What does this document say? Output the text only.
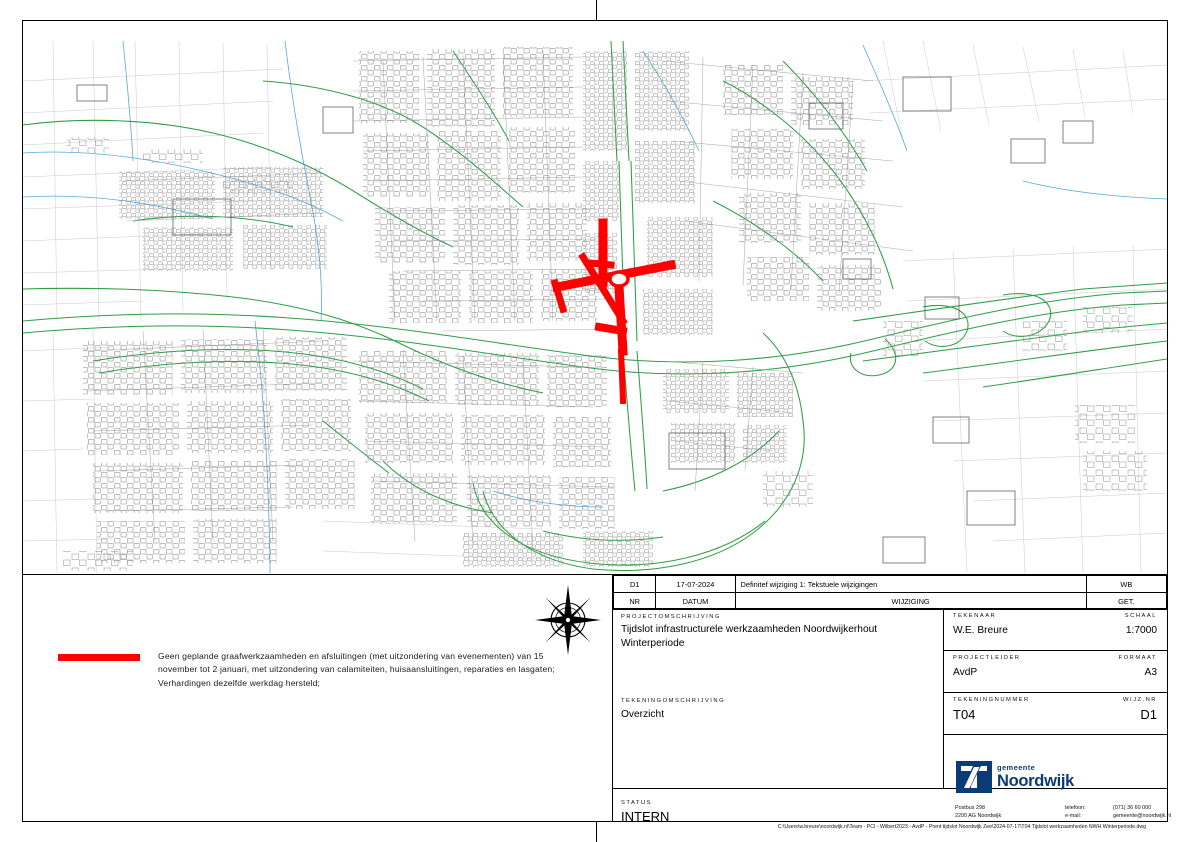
Geen geplande graafwerkzaamheden en afsluitingen (met uitzondering van evenementen) van 15 november tot 2 januari, met uitzondering van calamiteiten, huisaansluitingen, reparaties en lasgaten; Verhardingen dezelfde werkdag hersteld;
D1	17-07-2024	Definitef wijziging 1: Tekstuele wijzigingen	WB
NR	DATUM	WIJZIGING	GET.
PROJECTOMSCHRIJVING
Tijdslot infrastructurele werkzaamheden Noordwijkerhout
Winterperiode
TEKENINGOMSCHRIJVING
Overzicht
STATUS
INTERN
TEKENAAR	SCHAAL
W.E. Breure	1:7000
PROJECTLEIDER	FORMAAT
AvdP	A3
TEKENINGNUMMER	WIJZ.NR
T04	D1
gemeente
Noordwijk
Postbus 298
2200 AG Noordwijk
telefoon:	(071) 36 60 000
e-mail:	gemeente@noordwijk.nl
C:\Users\w.breure\noordwijk.nl\Team - PCI - Wilbert2023 - AvdP - Prent tijdslot Noordwijk Zee\2024-07-17\T04 Tijdslot werkzaamheden NWH Winterperiode.dwg
